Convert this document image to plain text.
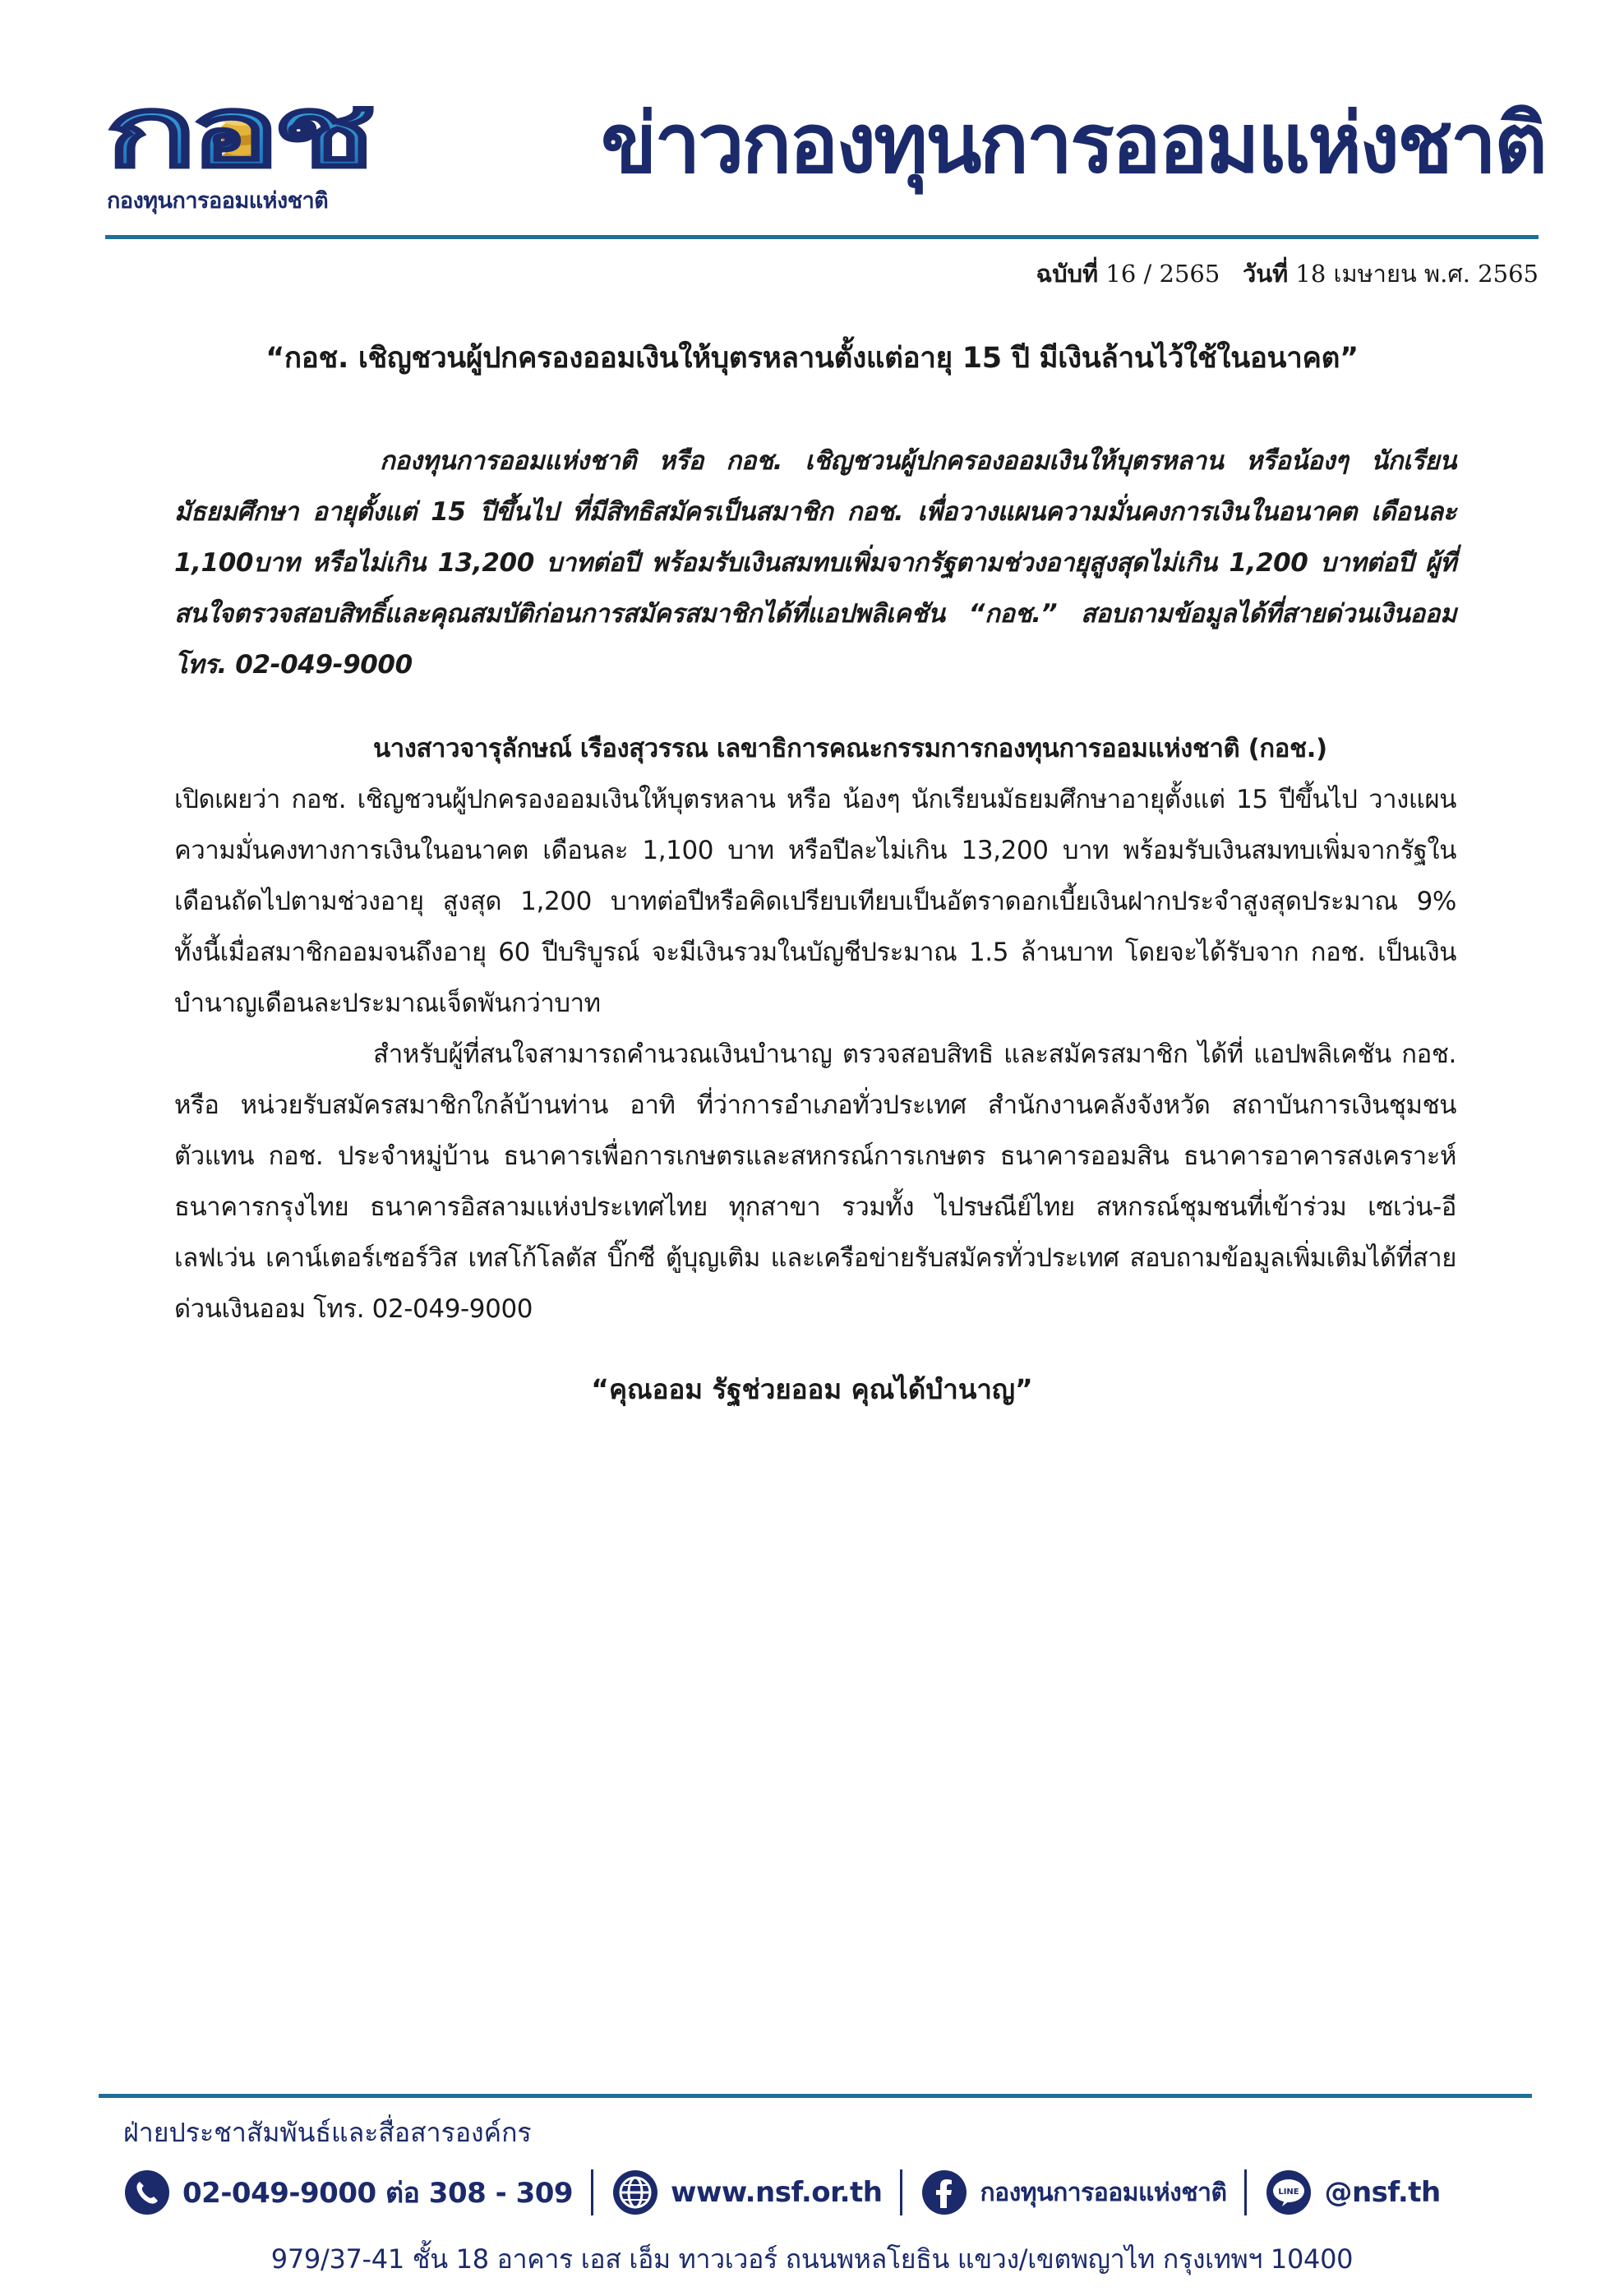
กอช
กองทุนการออมแห่งชาติ
ข่าวกองทุนการออมแห่งชาติ
ฉบับที่ 16 / 2565 วันที่ 18 เมษายน พ.ศ. 2565
“กอช. เชิญชวนผู้ปกครองออมเงินให้บุตรหลานตั้งแต่อายุ 15 ปี มีเงินล้านไว้ใช้ในอนาคต”

กองทุนการออมแห่งชาติ หรือ กอช. เชิญชวนผู้ปกครองออมเงินให้บุตรหลาน หรือน้องๆ นักเรียนมัธยมศึกษา อายุตั้งแต่ 15 ปีขึ้นไป ที่มีสิทธิสมัครเป็นสมาชิก กอช. เพื่อวางแผนความมั่นคงการเงินในอนาคต เดือนละ 1,100บาท หรือไม่เกิน 13,200 บาทต่อปี พร้อมรับเงินสมทบเพิ่มจากรัฐตามช่วงอายุสูงสุดไม่เกิน 1,200 บาทต่อปี ผู้ที่สนใจตรวจสอบสิทธิ์และคุณสมบัติก่อนการสมัครสมาชิกได้ที่แอปพลิเคชัน “กอช.” สอบถามข้อมูลได้ที่สายด่วนเงินออม โทร. 02-049-9000

นางสาวจารุลักษณ์ เรืองสุวรรณ เลขาธิการคณะกรรมการกองทุนการออมแห่งชาติ (กอช.)

เปิดเผยว่า กอช. เชิญชวนผู้ปกครองออมเงินให้บุตรหลาน หรือ น้องๆ นักเรียนมัธยมศึกษาอายุตั้งแต่ 15 ปีขึ้นไป วางแผนความมั่นคงทางการเงินในอนาคต เดือนละ 1,100 บาท หรือปีละไม่เกิน 13,200 บาท พร้อมรับเงินสมทบเพิ่มจากรัฐในเดือนถัดไปตามช่วงอายุ สูงสุด 1,200 บาทต่อปีหรือคิดเปรียบเทียบเป็นอัตราดอกเบี้ยเงินฝากประจำสูงสุดประมาณ 9% ทั้งนี้เมื่อสมาชิกออมจนถึงอายุ 60 ปีบริบูรณ์ จะมีเงินรวมในบัญชีประมาณ 1.5 ล้านบาท โดยจะได้รับจาก กอช. เป็นเงินบำนาญเดือนละประมาณเจ็ดพันกว่าบาท

สำหรับผู้ที่สนใจสามารถคำนวณเงินบำนาญ ตรวจสอบสิทธิ และสมัครสมาชิก ได้ที่ แอปพลิเคชัน กอช. หรือ หน่วยรับสมัครสมาชิกใกล้บ้านท่าน อาทิ ที่ว่าการอำเภอทั่วประเทศ สำนักงานคลังจังหวัด สถาบันการเงินชุมชน ตัวแทน กอช. ประจำหมู่บ้าน ธนาคารเพื่อการเกษตรและสหกรณ์การเกษตร ธนาคารออมสิน ธนาคารอาคารสงเคราะห์ ธนาคารกรุงไทย ธนาคารอิสลามแห่งประเทศไทย ทุกสาขา รวมทั้ง ไปรษณีย์ไทย สหกรณ์ชุมชนที่เข้าร่วม เซเว่น-อีเลฟเว่น เคาน์เตอร์เซอร์วิส เทสโก้โลตัส บิ๊กซี ตู้บุญเติม และเครือข่ายรับสมัครทั่วประเทศ สอบถามข้อมูลเพิ่มเติมได้ที่สายด่วนเงินออม โทร. 02-049-9000

“คุณออม รัฐช่วยออม คุณได้บำนาญ”
ฝ่ายประชาสัมพันธ์และสื่อสารองค์กร
02-049-9000 ต่อ 308 - 309	www.nsf.or.th	กองทุนการออมแห่งชาติ	LINE @nsf.th
979/37-41 ชั้น 18 อาคาร เอส เอ็ม ทาวเวอร์ ถนนพหลโยธิน แขวง/เขตพญาไท กรุงเทพฯ 10400
